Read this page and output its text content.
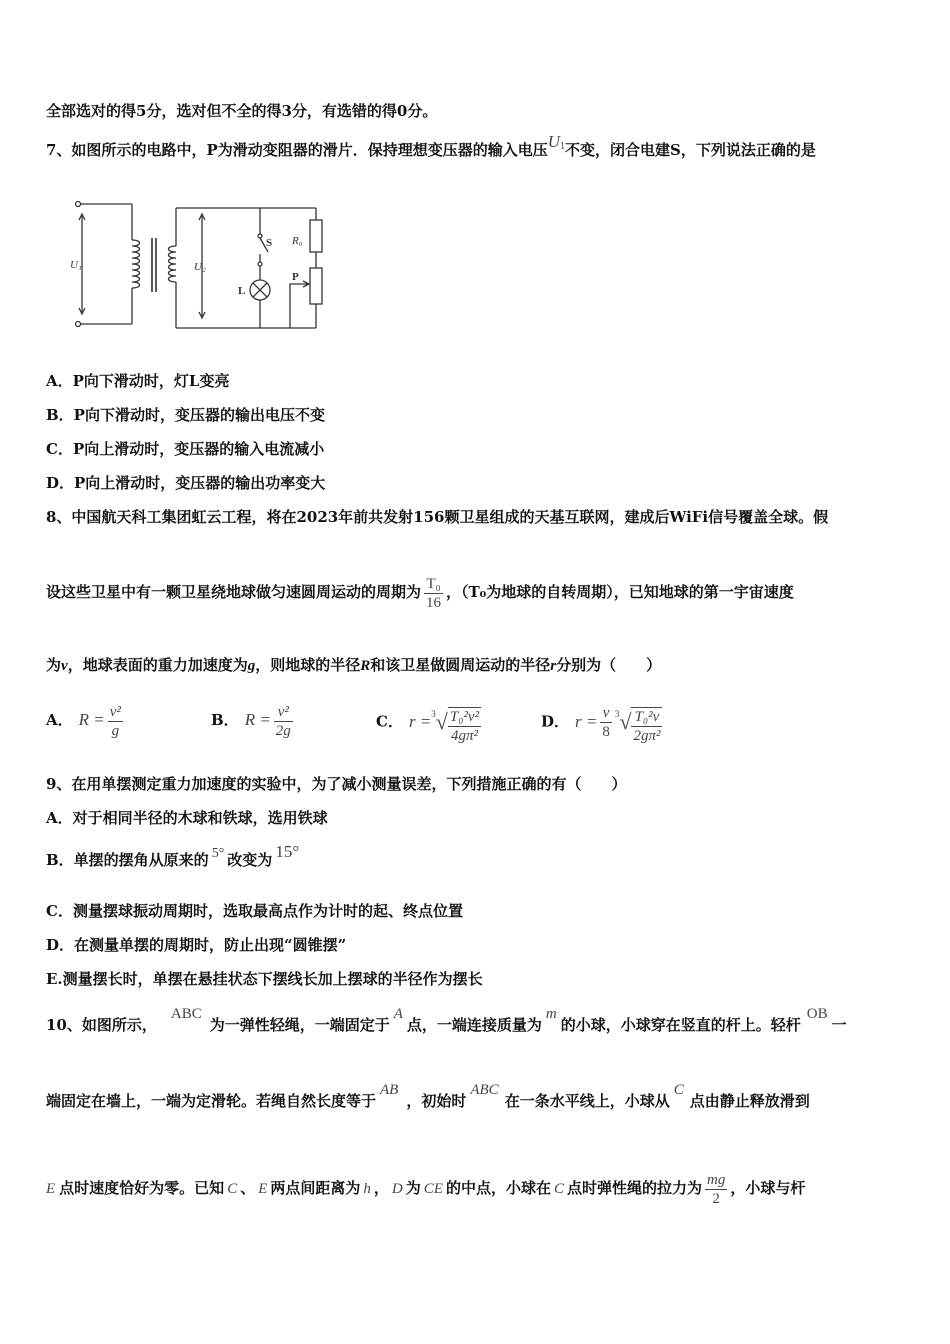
全部选对的得5分，选对但不全的得3分，有选错的得0分。
7、如图所示的电路中，P为滑动变阻器的滑片．保持理想变压器的输入电压$U^1$不变，闭合电建S，下列说法正确的是
U₁	U₂
S R₀
P
L
A．P向下滑动时，灯L变亮
B．P向下滑动时，变压器的输出电压不变
C．P向上滑动时，变压器的输入电流减小
D．P向上滑动时，变压器的输出功率变大
8、中国航天科工集团虹云工程，将在2023年前共发射156颗卫星组成的天基互联网，建成后WiFi信号覆盖全球。假
设这些卫星中有一颗卫星绕地球做匀速圆周运动的周期为 $\frac{\text{T₀}}{16}$ ，（T₀为地球的自转周期），已知地球的第一宇宙速度
为v，地球表面的重力加速度为g，则地球的半径R和该卫星做圆周运动的半径r分别为（　　）
A． $R = \frac{\text{v²}}{g}$	B． $R = \frac{\text{v²}}{2g}$	C． $r =^3√ \frac{\text{T₀²v²}}{\text{4gπ²}}$	D． $r = \frac{v}{8} ^3√ \frac{\text{T₀²v}}{\text{2gπ²}}$
9、在用单摆测定重力加速度的实验中，为了减小测量误差，下列措施正确的有（　　）
A．对于相同半径的木球和铁球，选用铁球
B．单摆的摆角从原来的 5° 改变为 15°
C．测量摆球振动周期时，选取最高点作为计时的起、终点位置
D．在测量单摆的周期时，防止出现“圆锥摆”
E.测量摆长时，单摆在悬挂状态下摆线长加上摆球的半径作为摆长
10、如图所示，ABC为一弹性轻绳，一端固定于A点，一端连接质量为m的小球，小球穿在竖直的杆上。轻杆OB一
端固定在墙上，一端为定滑轮。若绳自然长度等于AB，初始时ABC在一条水平线上，小球从C点由静止释放滑到
E 点时速度恰好为零。已知 C 、 E 两点间距离为 h ， D 为 CE 的中点，小球在 C 点时弹性绳的拉力为 $\frac{mg}{2}$ ，小球与杆
